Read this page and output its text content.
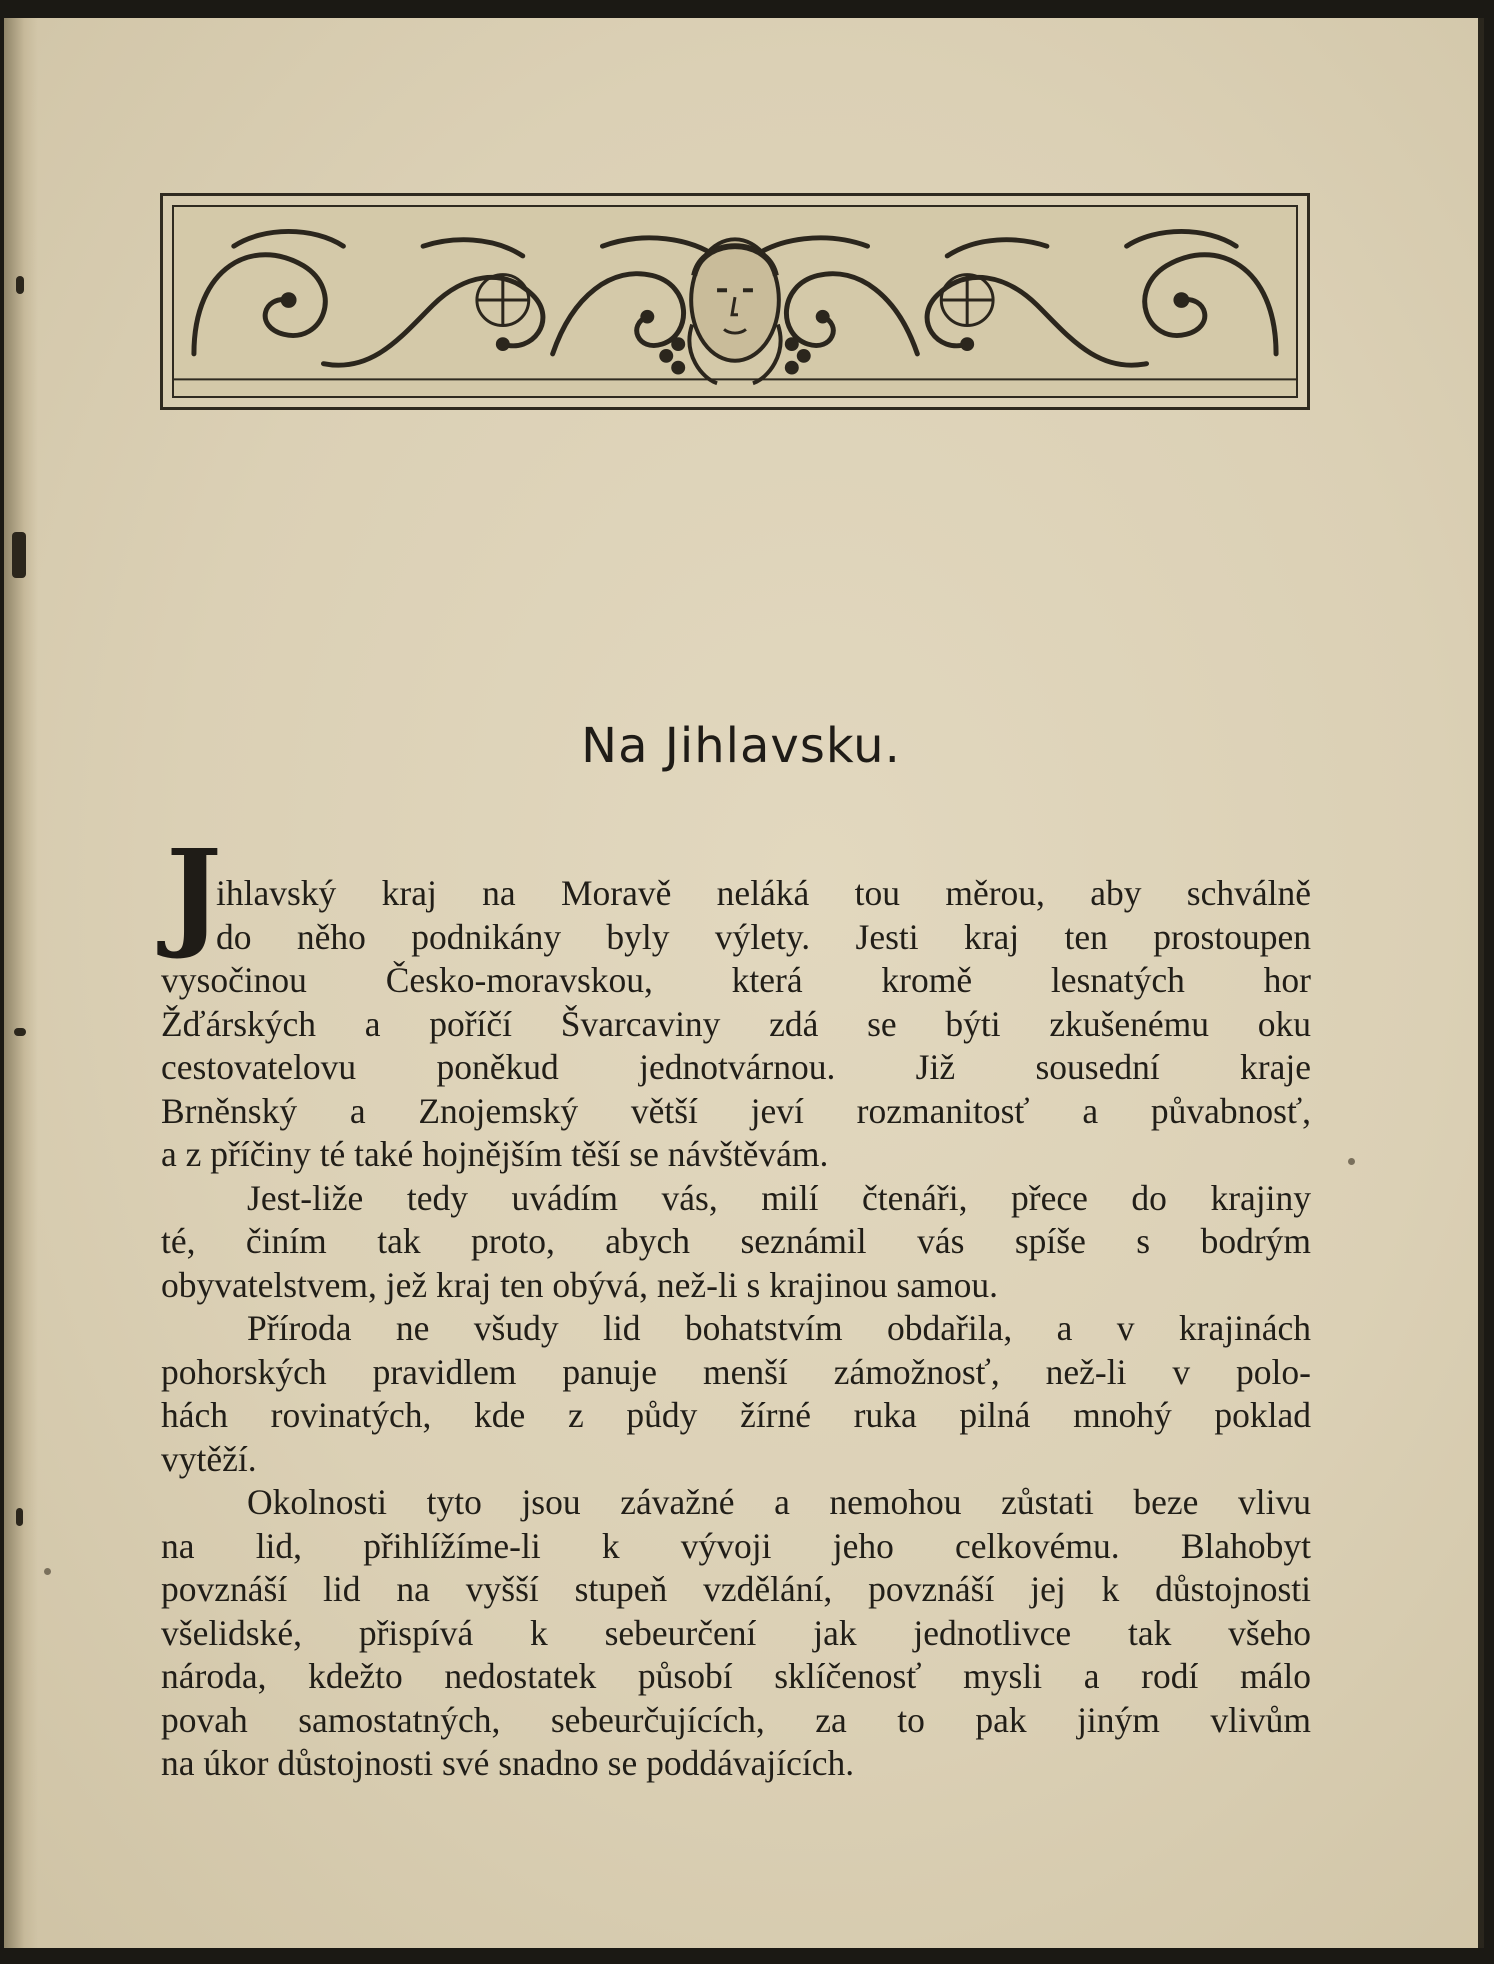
Na Jihlavsku.
J
ihlavský kraj na Moravě neláká tou měrou, aby schválně
do něho podnikány byly výlety. Jesti kraj ten prostoupen
vysočinou Česko-moravskou, která kromě lesnatých hor
Žďárských a poříčí Švarcaviny zdá se býti zkušenému oku
cestovatelovu poněkud jednotvárnou. Již sousední kraje
Brněnský a Znojemský větší jeví rozmanitosť a půvabnosť,
a z příčiny té také hojnějším těší se návštěvám.
Jest-liže tedy uvádím vás, milí čtenáři, přece do krajiny
té, činím tak proto, abych seznámil vás spíše s bodrým
obyvatelstvem, jež kraj ten obývá, než-li s krajinou samou.
Příroda ne všudy lid bohatstvím obdařila, a v krajinách
pohorských pravidlem panuje menší zámožnosť, než-li v polo-
hách rovinatých, kde z půdy žírné ruka pilná mnohý poklad
vytěží.
Okolnosti tyto jsou závažné a nemohou zůstati beze vlivu
na lid, přihlížíme-li k vývoji jeho celkovému. Blahobyt
povznáší lid na vyšší stupeň vzdělání, povznáší jej k důstojnosti
všelidské, přispívá k sebeurčení jak jednotlivce tak všeho
národa, kdežto nedostatek působí sklíčenosť mysli a rodí málo
povah samostatných, sebeurčujících, za to pak jiným vlivům
na úkor důstojnosti své snadno se poddávajících.
